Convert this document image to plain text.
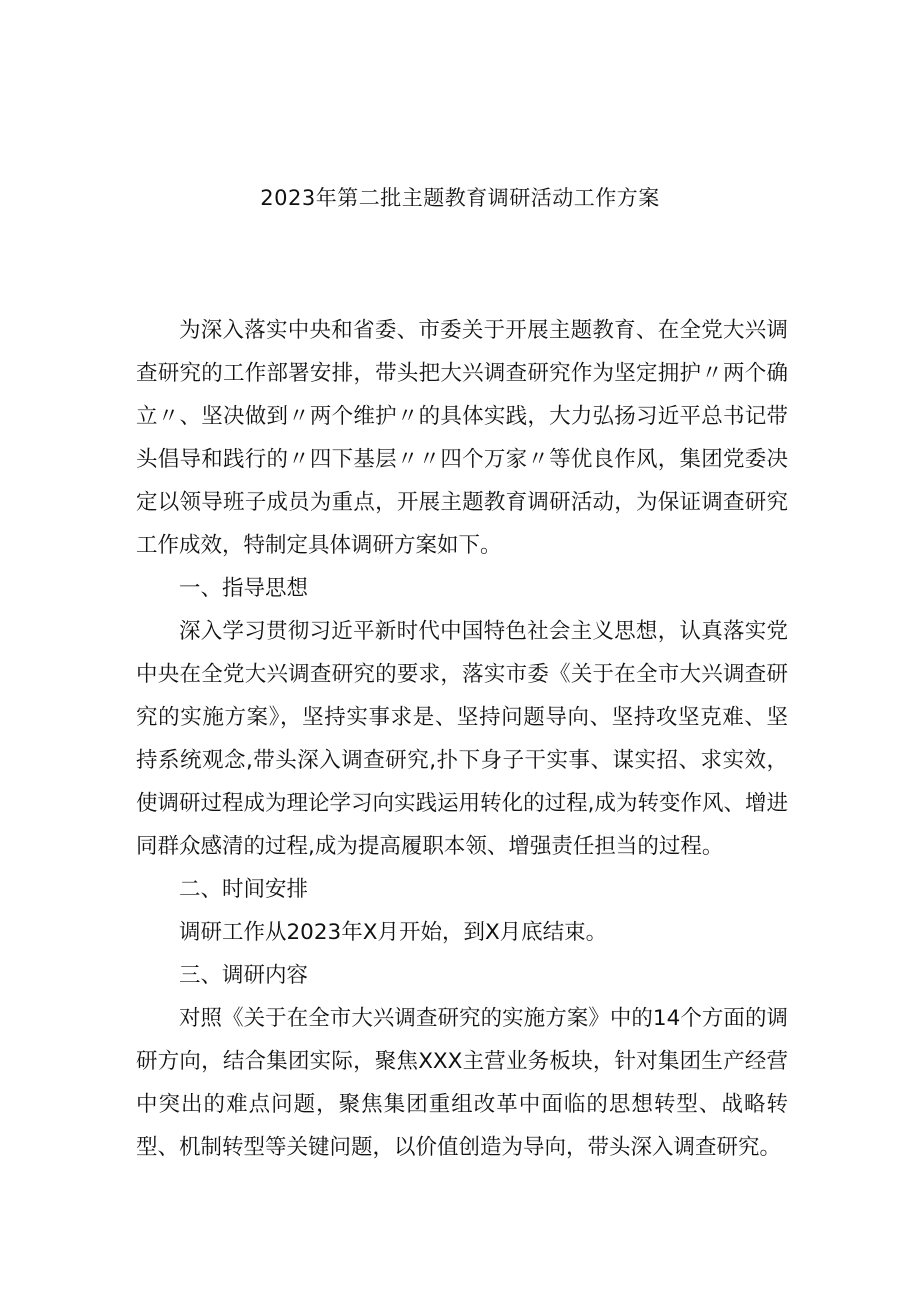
2023年第二批主题教育调研活动工作方案

为深入落实中央和省委、市委关于开展主题教育、在全党大兴调查研究的工作部署安排，带头把大兴调查研究作为坚定拥护〃两个确立〃、坚决做到〃两个维护〃的具体实践，大力弘扬习近平总书记带头倡导和践行的〃四下基层〃〃四个万家〃等优良作风，集团党委决定以领导班子成员为重点，开展主题教育调研活动，为保证调查研究工作成效，特制定具体调研方案如下。

一、指导思想

深入学习贯彻习近平新时代中国特色社会主义思想，认真落实党中央在全党大兴调查研究的要求，落实市委《关于在全市大兴调查研究的实施方案》，坚持实事求是、坚持问题导向、坚持攻坚克难、坚持系统观念,带头深入调查研究,扑下身子干实事、谋实招、求实效，使调研过程成为理论学习向实践运用转化的过程,成为转变作风、增进同群众感清的过程,成为提高履职本领、增强责任担当的过程。

二、时间安排

调研工作从2023年X月开始，到X月底结束。

三、调研内容

对照《关于在全市大兴调查研究的实施方案》中的14个方面的调研方向，结合集团实际，聚焦XXX主营业务板块，针对集团生产经营中突出的难点问题，聚焦集团重组改革中面临的思想转型、战略转型、机制转型等关键问题，以价值创造为导向，带头深入调查研究。
